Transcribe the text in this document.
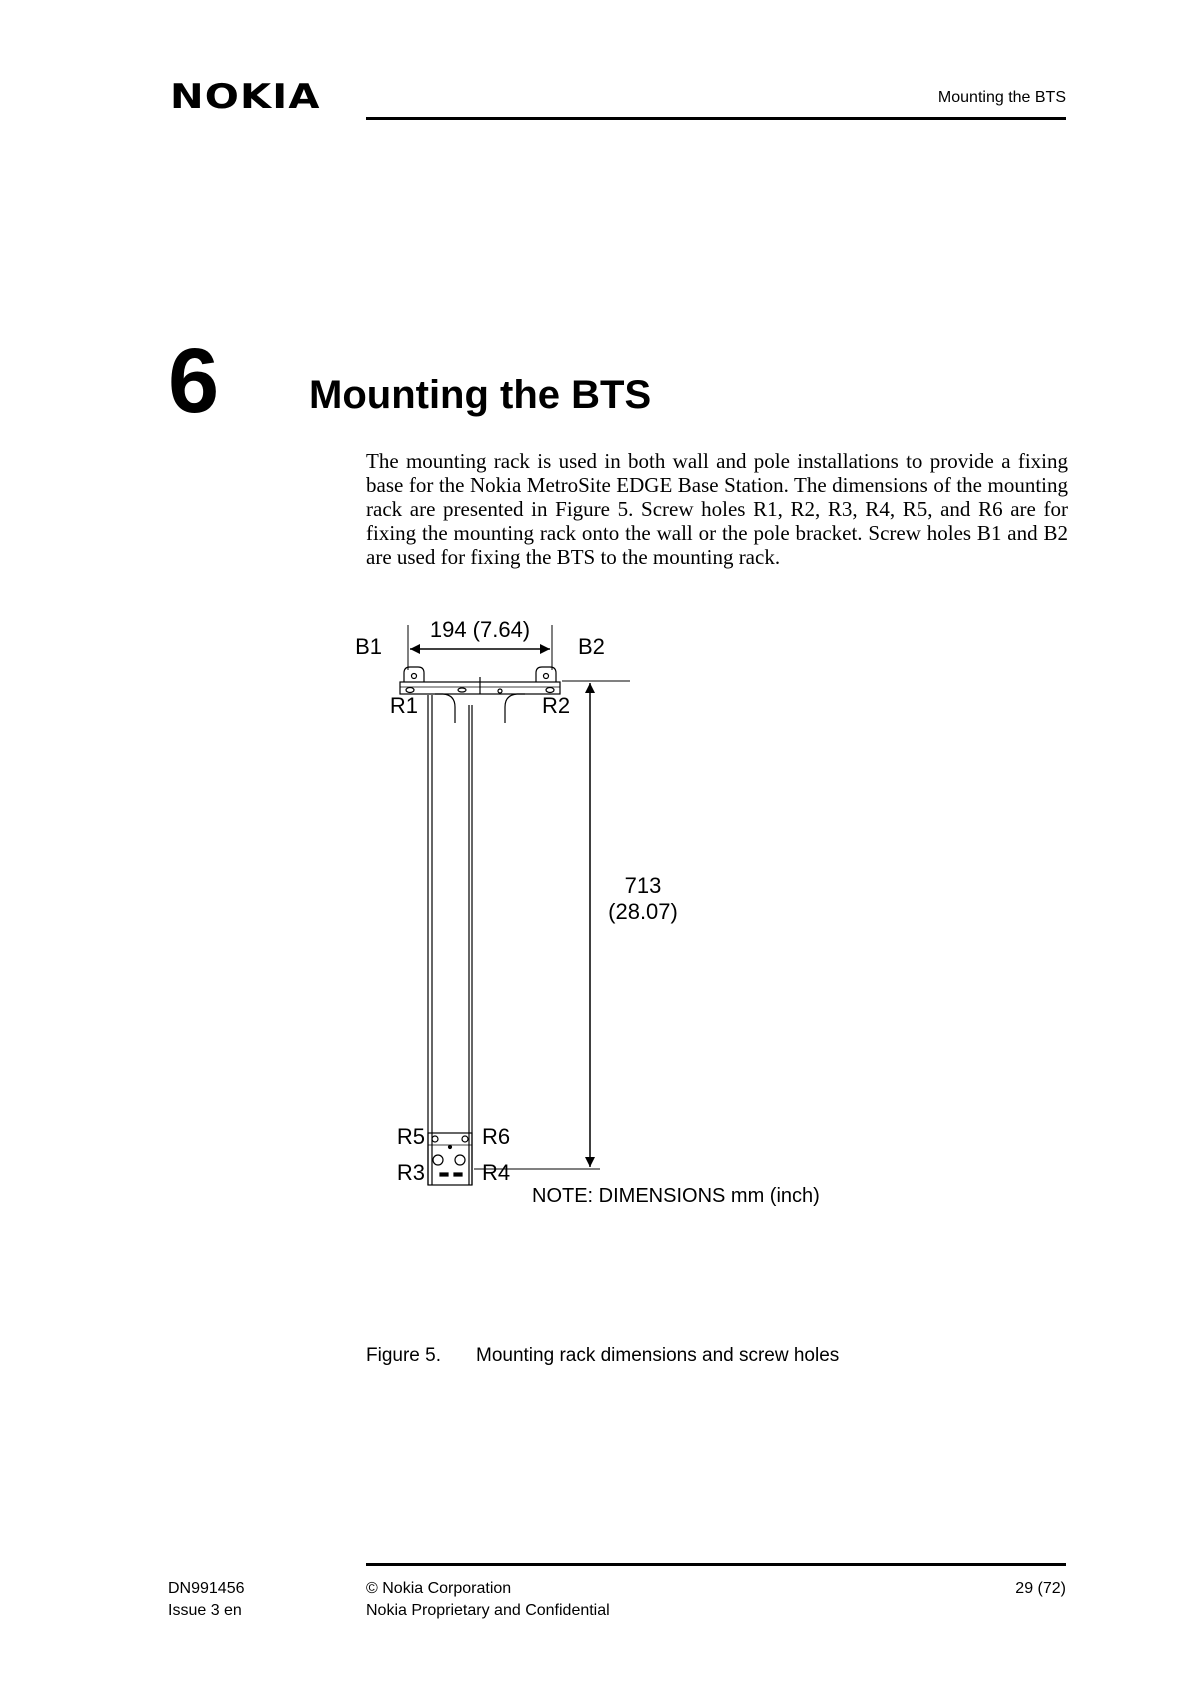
NOKIA	Mounting the BTS
6 Mounting the BTS
The mounting rack is used in both wall and pole installations to provide a fixing base for the Nokia MetroSite EDGE Base Station. The dimensions of the mounting rack are presented in Figure 5. Screw holes R1, R2, R3, R4, R5, and R6 are for fixing the mounting rack onto the wall or the pole bracket. Screw holes B1 and B2 are used for fixing the BTS to the mounting rack.
194 (7.64)
713
(28.07)
B1	B2
R1	R2
R5	R6
R3	R4
NOTE: DIMENSIONS mm (inch)
Figure 5. Mounting rack dimensions and screw holes
DN991456
Issue 3 en
© Nokia Corporation
Nokia Proprietary and Confidential
29 (72)
